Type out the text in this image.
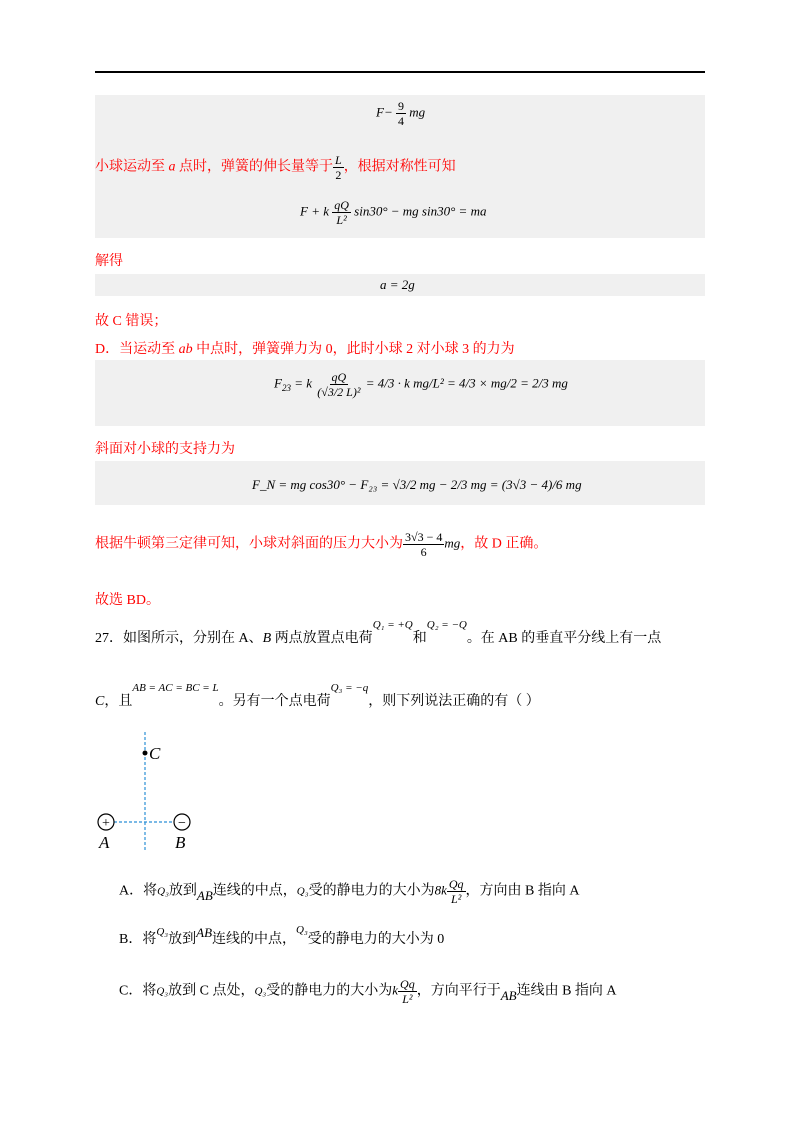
$F- \frac{9}{4}$ mg
小球运动至 a 点时，弹簧的伸长量等于 $\frac{L}{2}$ ，根据对称性可知
F + k $\frac{qQ}{\text{L²}} \sin 30^\circ$ − mg sin30° = ma
解得
a = 2g
故 C 错误；
D．当运动至 ab 中点时，弹簧弹力为 0，此时小球 2 对小球 3 的力为
$F_{23} = k \frac{qQ}{\text{(√3/2 L)²}} = 4/3 \cdot k$ mg/L² = 4/3 × mg/2 = 2/3 mg
斜面对小球的支持力为
F_N = mg cos30° − F₂₃ = √3/2 mg − 2/3 mg = (3√3 − 4)/6 mg
根据牛顿第三定律可知，小球对斜面的压力大小为 $\frac{3√3 - 4}{6}$ mg，故 D 正确。
故选 BD。
27．如图所示，分别在 A、B 两点放置点电荷$^{Q_1 = +Q}$和$^{Q_2 = -Q}$。在 AB 的垂直平分线上有一点
C，且$^{AB = AC = BC = L}$。另有一个点电荷$^{Q_3 = -q}$，则下列说法正确的有（ ）
C
+	−
A	B
A．将Q₃放到AB连线的中点，Q₃受的静电力的大小为$8k \frac{Qq}{\text{L²}}$ ，方向由 B 指向 A
B．将$^{Q_3}$放到AB连线的中点，$^{Q_3}$受的静电力的大小为 0
C．将Q₃放到 C 点处，Q₃受的静电力的大小为k $\frac{Qq}{\text{L²}}$ ，方向平行于AB连线由 B 指向 A
